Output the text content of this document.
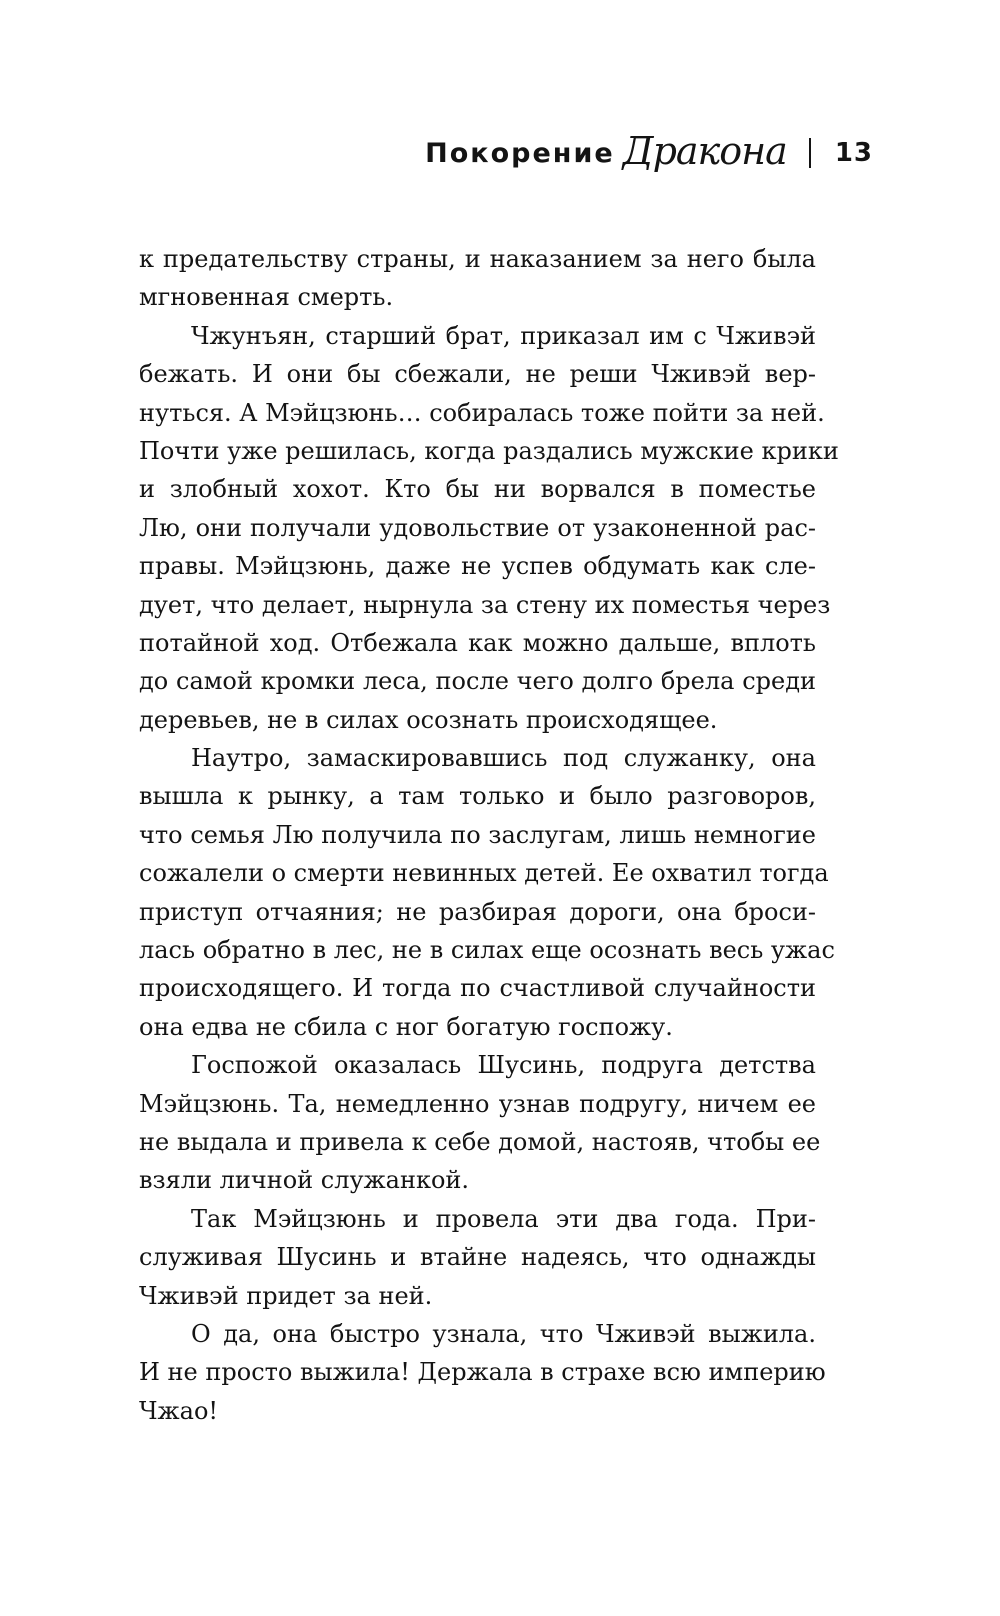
Покорение Дракона 13
к предательству страны, и наказанием за него была
мгновенная смерть.
Чжунъян, старший брат, приказал им с Чживэй
бежать. И они бы сбежали, не реши Чживэй вер-
нуться. А Мэйцзюнь… собиралась тоже пойти за ней.
Почти уже решилась, когда раздались мужские крики
и злобный хохот. Кто бы ни ворвался в поместье
Лю, они получали удовольствие от узаконенной рас-
правы. Мэйцзюнь, даже не успев обдумать как сле-
дует, что делает, нырнула за стену их поместья через
потайной ход. Отбежала как можно дальше, вплоть
до самой кромки леса, после чего долго брела среди
деревьев, не в силах осознать происходящее.
Наутро, замаскировавшись под служанку, она
вышла к рынку, а там только и было разговоров,
что семья Лю получила по заслугам, лишь немногие
сожалели о смерти невинных детей. Ее охватил тогда
приступ отчаяния; не разбирая дороги, она броси-
лась обратно в лес, не в силах еще осознать весь ужас
происходящего. И тогда по счастливой случайности
она едва не сбила с ног богатую госпожу.
Госпожой оказалась Шусинь, подруга детства
Мэйцзюнь. Та, немедленно узнав подругу, ничем ее
не выдала и привела к себе домой, настояв, чтобы ее
взяли личной служанкой.
Так Мэйцзюнь и провела эти два года. При-
служивая Шусинь и втайне надеясь, что однажды
Чживэй придет за ней.
О да, она быстро узнала, что Чживэй выжила.
И не просто выжила! Держала в страхе всю империю
Чжао!
